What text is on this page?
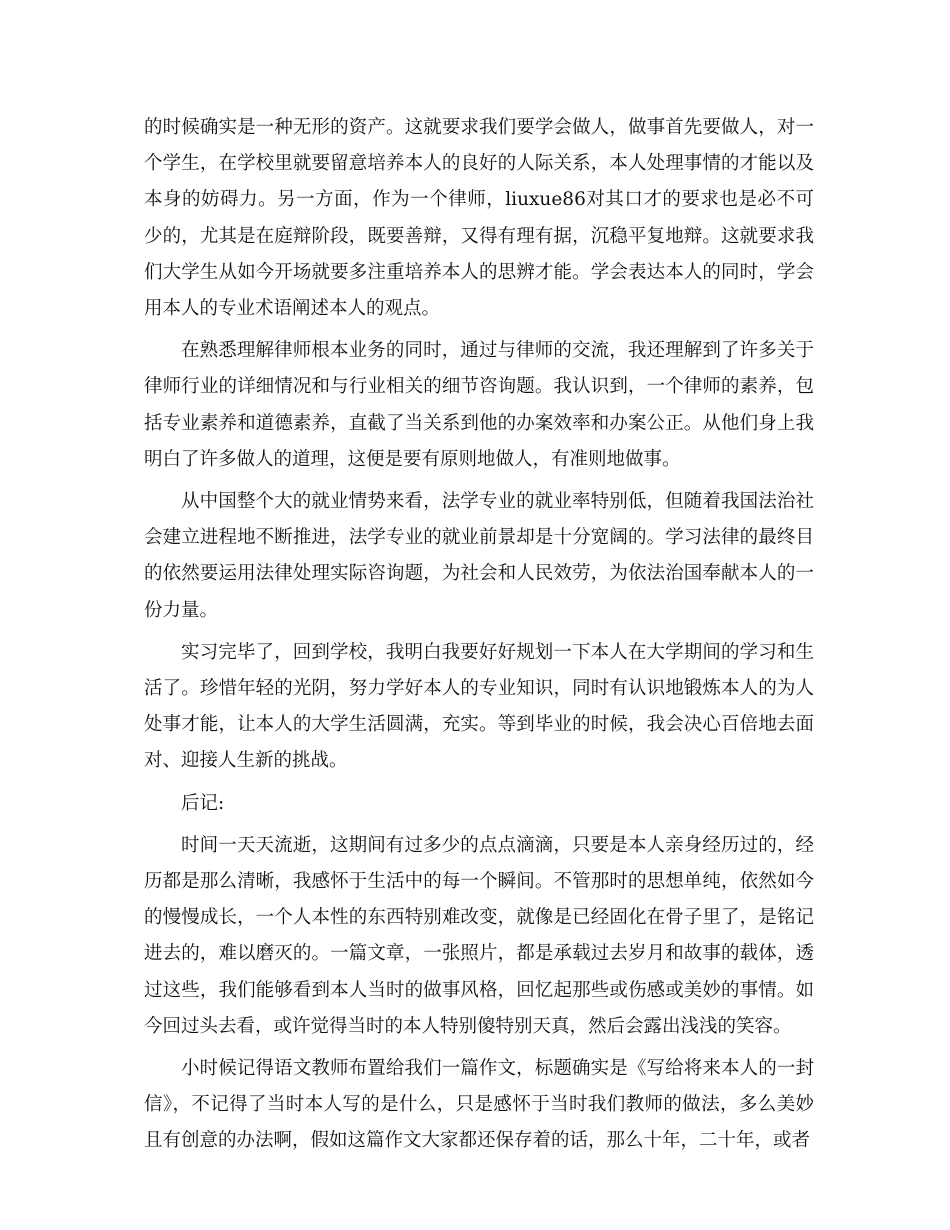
的时候确实是一种无形的资产。这就要求我们要学会做人，做事首先要做人，对一个学生，在学校里就要留意培养本人的良好的人际关系，本人处理事情的才能以及本身的妨碍力。另一方面，作为一个律师，liuxue86对其口才的要求也是必不可少的，尤其是在庭辩阶段，既要善辩，又得有理有据，沉稳平复地辩。这就要求我们大学生从如今开场就要多注重培养本人的思辨才能。学会表达本人的同时，学会用本人的专业术语阐述本人的观点。

在熟悉理解律师根本业务的同时，通过与律师的交流，我还理解到了许多关于律师行业的详细情况和与行业相关的细节咨询题。我认识到，一个律师的素养，包括专业素养和道德素养，直截了当关系到他的办案效率和办案公正。从他们身上我明白了许多做人的道理，这便是要有原则地做人，有准则地做事。

从中国整个大的就业情势来看，法学专业的就业率特别低，但随着我国法治社会建立进程地不断推进，法学专业的就业前景却是十分宽阔的。学习法律的最终目的依然要运用法律处理实际咨询题，为社会和人民效劳，为依法治国奉献本人的一份力量。

实习完毕了，回到学校，我明白我要好好规划一下本人在大学期间的学习和生活了。珍惜年轻的光阴，努力学好本人的专业知识，同时有认识地锻炼本人的为人处事才能，让本人的大学生活圆满，充实。等到毕业的时候，我会决心百倍地去面对、迎接人生新的挑战。

后记:

时间一天天流逝，这期间有过多少的点点滴滴，只要是本人亲身经历过的，经历都是那么清晰，我感怀于生活中的每一个瞬间。不管那时的思想单纯，依然如今的慢慢成长，一个人本性的东西特别难改变，就像是已经固化在骨子里了，是铭记进去的，难以磨灭的。一篇文章，一张照片，都是承载过去岁月和故事的载体，透过这些，我们能够看到本人当时的做事风格，回忆起那些或伤感或美妙的事情。如今回过头去看，或许觉得当时的本人特别傻特别天真，然后会露出浅浅的笑容。

小时候记得语文教师布置给我们一篇作文，标题确实是《写给将来本人的一封信》，不记得了当时本人写的是什么，只是感怀于当时我们教师的做法，多么美妙且有创意的办法啊，假如这篇作文大家都还保存着的话，那么十年，二十年，或者
